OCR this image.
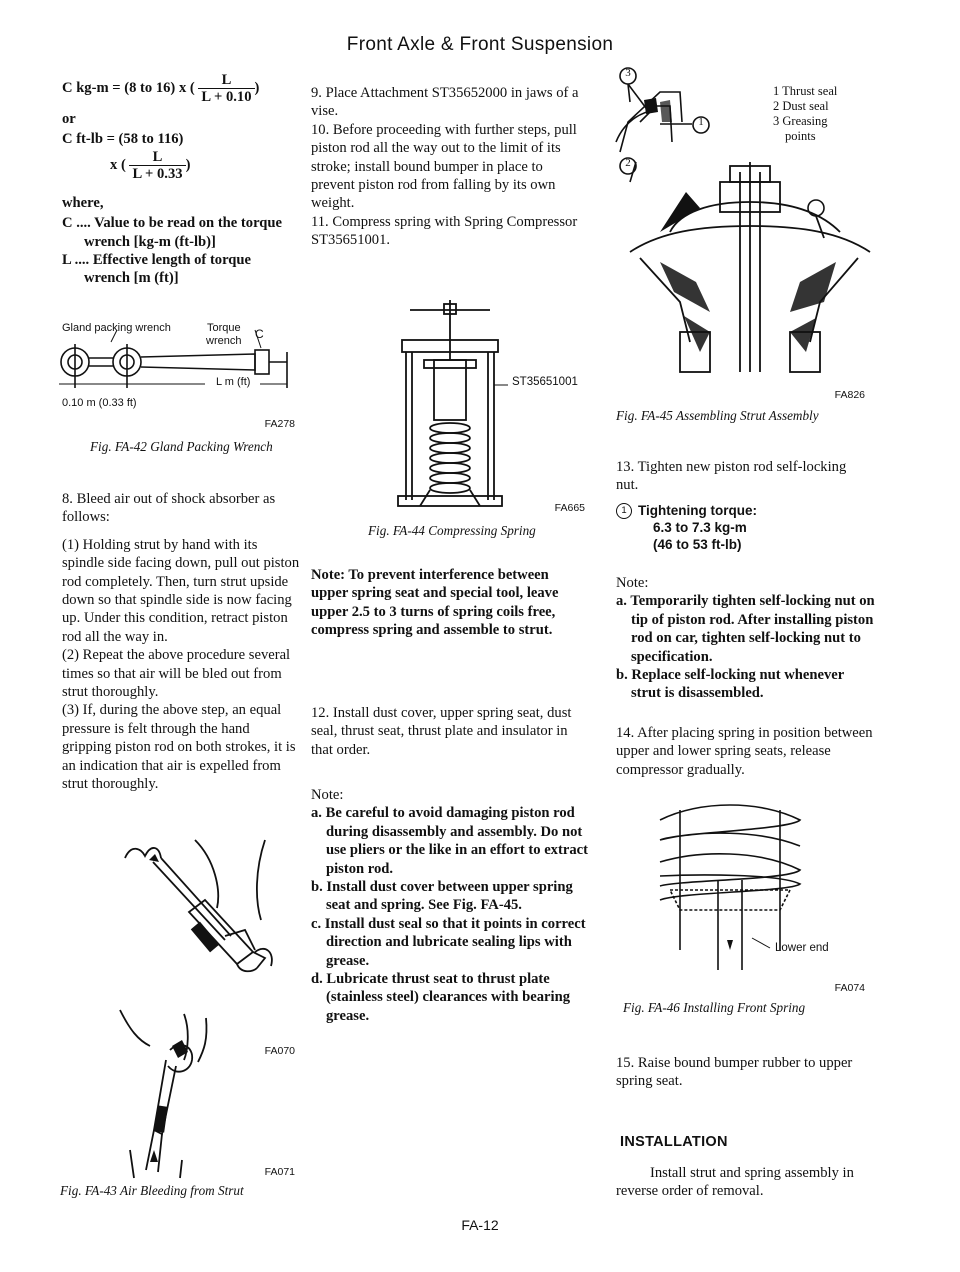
Front Axle & Front Suspension
C kg-m = (8 to 16) x ( $\frac{L}{L + 0.10}$ )
or
C ft-lb = (58 to 116)
x ( $\frac{L}{L + 0.33}$ )
where,
C .... Value to be read on the torque
wrench [kg-m (ft-lb)]
L .... Effective length of torque
wrench [m (ft)]
Gland packing wrench	Torque
wrench C
L m (ft)
0.10 m (0.33 ft)
FA278
Fig. FA-42 Gland Packing Wrench
8. Bleed air out of shock absorber as follows:
(1) Holding strut by hand with its spindle side facing down, pull out piston rod completely. Then, turn strut upside down so that spindle side is now facing up. Under this condition, retract piston rod all the way in.
(2) Repeat the above procedure several times so that air will be bled out from strut thoroughly.
(3) If, during the above step, an equal pressure is felt through the hand gripping piston rod on both strokes, it is an indication that air is expelled from strut thoroughly.
FA070
FA071
Fig. FA-43 Air Bleeding from Strut
9. Place Attachment ST35652000 in jaws of a vise.
10. Before proceeding with further steps, pull piston rod all the way out to the limit of its stroke; install bound bumper in place to prevent piston rod from falling by its own weight.
11. Compress spring with Spring Compressor ST35651001.
ST35651001
FA665
Fig. FA-44 Compressing Spring
Note: To prevent interference between upper spring seat and special tool, leave upper 2.5 to 3 turns of spring coils free, compress spring and assemble to strut.
12. Install dust cover, upper spring seat, dust seal, thrust seat, thrust plate and insulator in that order.
Note:
a. Be careful to avoid damaging piston rod during disassembly and assembly. Do not use pliers or the like in an effort to extract piston rod.
b. Install dust cover between upper spring seat and spring. See Fig. FA-45.
c. Install dust seal so that it points in correct direction and lubricate sealing lips with grease.
d. Lubricate thrust seat to thrust plate (stainless steel) clearances with bearing grease.
3
1
2
1 Thrust seal
2 Dust seal
3 Greasing
points
FA826
Fig. FA-45 Assembling Strut Assembly
13. Tighten new piston rod self-locking nut.
1 Tightening torque:
6.3 to 7.3 kg-m
(46 to 53 ft-lb)
Note:
a. Temporarily tighten self-locking nut on tip of piston rod. After installing piston rod on car, tighten self-locking nut to specification.
b. Replace self-locking nut whenever strut is disassembled.
14. After placing spring in position between upper and lower spring seats, release compressor gradually.
Lower end
FA074
Fig. FA-46 Installing Front Spring
15. Raise bound bumper rubber to upper spring seat.
INSTALLATION
Install strut and spring assembly in reverse order of removal.
FA-12
